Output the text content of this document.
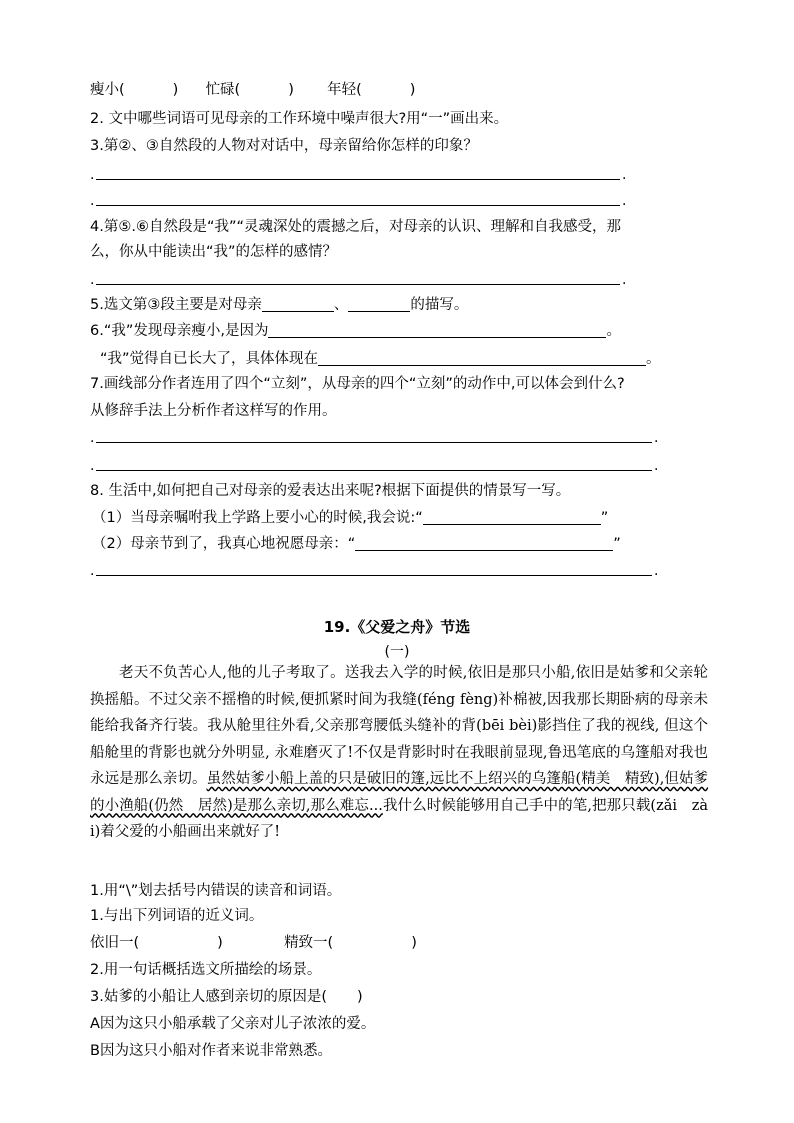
瘦小(	) 忙碌(	) 年轻(	)
2. 文中哪些词语可见母亲的工作环境中噪声很大?用“一”画出来。
3.第②、③自然段的人物对对话中，母亲留给你怎样的印象？
.	.
.	.
4.第⑤.⑥自然段是“我”“灵魂深处的震撼之后，对母亲的认识、理解和自我感受，那
么，你从中能读出“我”的怎样的感情？
.	.
5.选文第③段主要是对母亲	、	的描写。
6.“我”发现母亲瘦小,是因为	。
“我”觉得自已长大了，具体体现在	。
7.画线部分作者连用了四个“立刻”，从母亲的四个“立刻”的动作中,可以体会到什么?
从修辞手法上分析作者这样写的作用。
.	.
.	.
8. 生活中,如何把自己对母亲的爱表达出来呢?根据下面提供的情景写一写。
（1）当母亲嘱咐我上学路上要小心的时候,我会说:“	”
（2）母亲节到了，我真心地祝愿母亲：“	”
.	.
19.《父爱之舟》节选
(一)

老天不负苦心人,他的儿子考取了。送我去入学的时候,依旧是那只小船,依旧是姑爹和父亲轮换摇船。不过父亲不摇橹的时候,便抓紧时间为我缝(féng fèng)补棉被,因我那长期卧病的母亲未能给我备齐行装。我从舱里往外看,父亲那弯腰低头缝补的背(bēi bèi)影挡住了我的视线, 但这个船舱里的背影也就分外明显, 永难磨灭了!不仅是背影时时在我眼前显现,鲁迅笔底的乌篷船对我也永远是那么亲切。虽然姑爹小船上盖的只是破旧的篷,远比不上绍兴的乌篷船(精美　精致),但姑爹的小渔船(仍然　居然)是那么亲切,那么难忘...我什么时候能够用自己手中的笔,把那只载(zǎi　zài)着父爱的小船画出来就好了!

1.用“\”划去括号内错误的读音和词语。
1.与出下列词语的近义词。
依旧一(	)	精致一(	)
2.用一句话概括选文所描绘的场景。
3.姑爹的小船让人感到亲切的原因是( )
A因为这只小船承载了父亲对儿子浓浓的爱。
B因为这只小船对作者来说非常熟悉。
